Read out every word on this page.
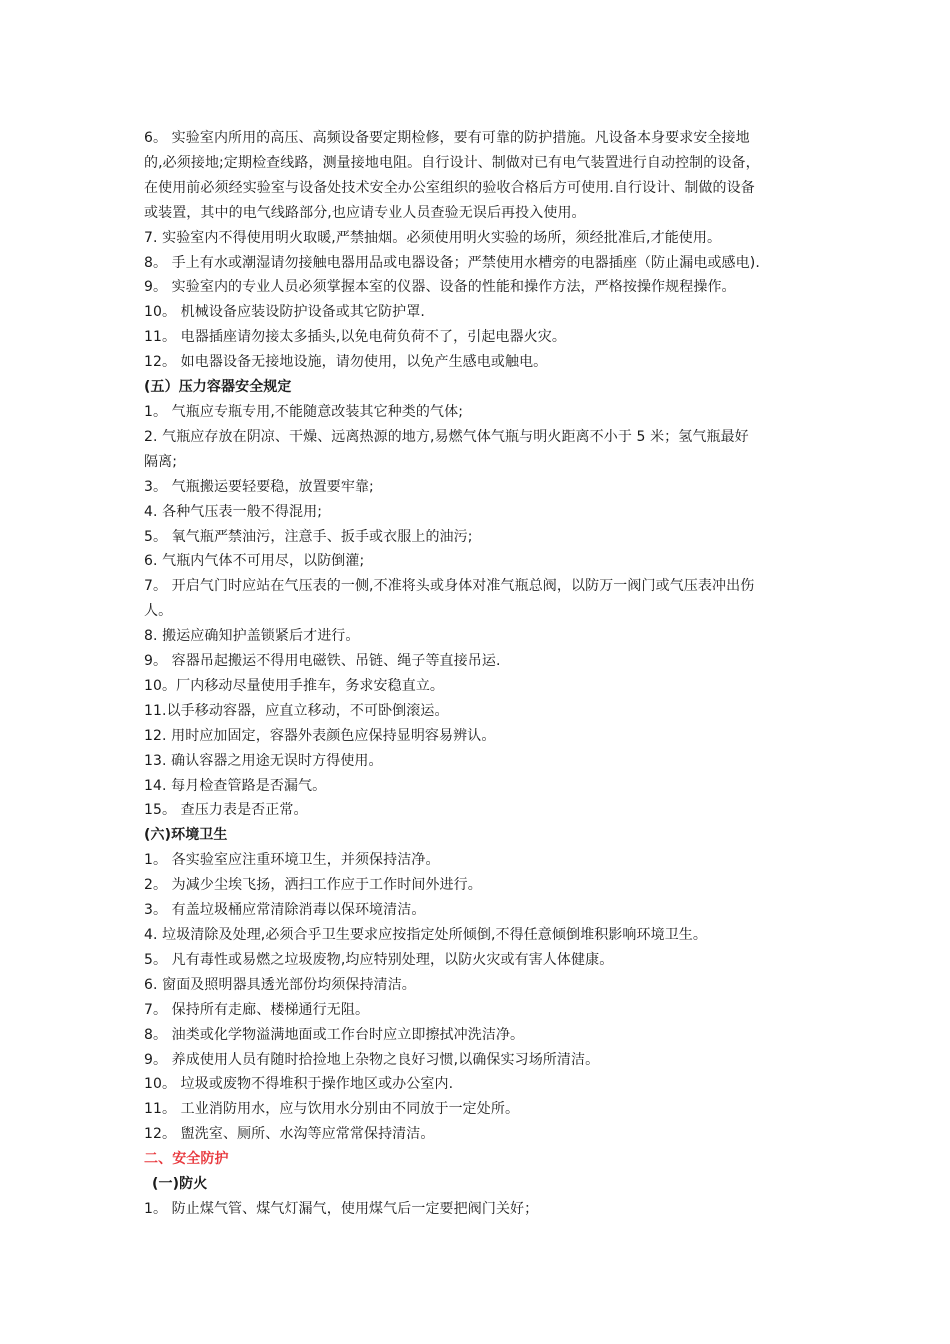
6。 实验室内所用的高压、高频设备要定期检修，要有可靠的防护措施。凡设备本身要求安全接地
的,必须接地;定期检查线路，测量接地电阻。自行设计、制做对已有电气装置进行自动控制的设备，
在使用前必须经实验室与设备处技术安全办公室组织的验收合格后方可使用.自行设计、制做的设备
或装置，其中的电气线路部分,也应请专业人员查验无误后再投入使用。
7. 实验室内不得使用明火取暖,严禁抽烟。必须使用明火实验的场所，须经批准后,才能使用。
8。 手上有水或潮湿请勿接触电器用品或电器设备；严禁使用水槽旁的电器插座（防止漏电或感电).
9。 实验室内的专业人员必须掌握本室的仪器、设备的性能和操作方法，严格按操作规程操作。
10。 机械设备应装设防护设备或其它防护罩.
11。 电器插座请勿接太多插头,以免电荷负荷不了，引起电器火灾。
12。 如电器设备无接地设施，请勿使用，以免产生感电或触电。
(五）压力容器安全规定
1。 气瓶应专瓶专用,不能随意改装其它种类的气体;
2. 气瓶应存放在阴凉、干燥、远离热源的地方,易燃气体气瓶与明火距离不小于 5 米；氢气瓶最好
隔离;
3。 气瓶搬运要轻要稳，放置要牢靠;
4. 各种气压表一般不得混用;
5。 氧气瓶严禁油污，注意手、扳手或衣服上的油污;
6. 气瓶内气体不可用尽，以防倒灌;
7。 开启气门时应站在气压表的一侧,不准将头或身体对准气瓶总阀，以防万一阀门或气压表冲出伤
人。
8. 搬运应确知护盖锁紧后才进行。
9。 容器吊起搬运不得用电磁铁、吊链、绳子等直接吊运.
10。厂内移动尽量使用手推车，务求安稳直立。
11.以手移动容器，应直立移动，不可卧倒滚运。
12. 用时应加固定，容器外表颜色应保持显明容易辨认。
13. 确认容器之用途无误时方得使用。
14. 每月检查管路是否漏气。
15。 查压力表是否正常。
(六)环境卫生
1。 各实验室应注重环境卫生，并须保持洁净。
2。 为减少尘埃飞扬，洒扫工作应于工作时间外进行。
3。 有盖垃圾桶应常清除消毒以保环境清洁。
4. 垃圾清除及处理,必须合乎卫生要求应按指定处所倾倒,不得任意倾倒堆积影响环境卫生。
5。 凡有毒性或易燃之垃圾废物,均应特别处理，以防火灾或有害人体健康。
6. 窗面及照明器具透光部份均须保持清洁。
7。 保持所有走廊、楼梯通行无阻。
8。 油类或化学物溢满地面或工作台时应立即擦拭冲洗洁净。
9。 养成使用人员有随时拾捡地上杂物之良好习惯,以确保实习场所清洁。
10。 垃圾或废物不得堆积于操作地区或办公室内.
11。 工业消防用水，应与饮用水分别由不同放于一定处所。
12。 盥洗室、厕所、水沟等应常常保持清洁。
二、安全防护
(一)防火
1。 防止煤气管、煤气灯漏气，使用煤气后一定要把阀门关好；
